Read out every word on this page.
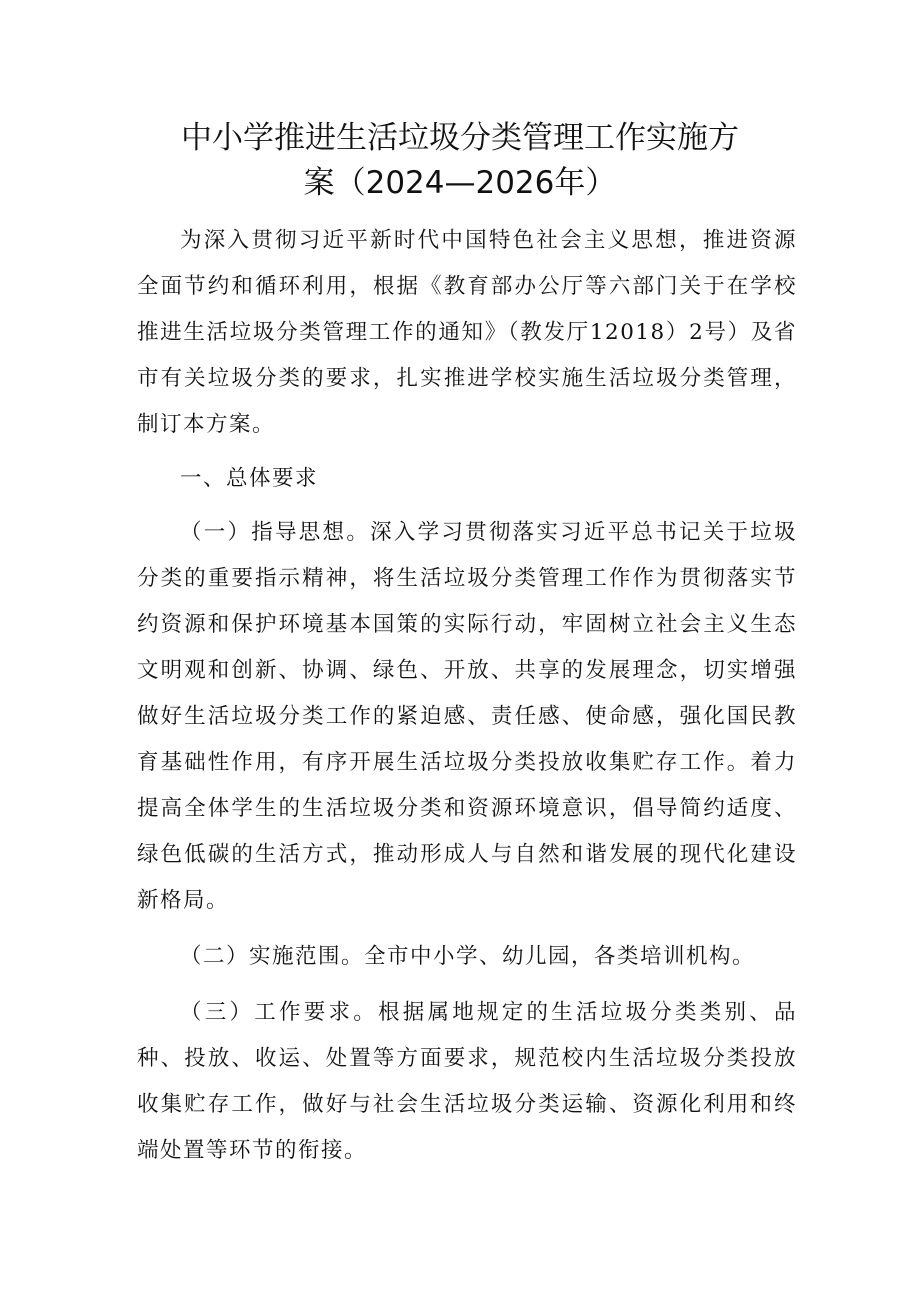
中小学推进生活垃圾分类管理工作实施方
案（2024—2026年）

为深入贯彻习近平新时代中国特色社会主义思想，推进资源全面节约和循环利用，根据《教育部办公厅等六部门关于在学校推进生活垃圾分类管理工作的通知》（教发厅12018）2号）及省市有关垃圾分类的要求，扎实推进学校实施生活垃圾分类管理，制订本方案。

一、总体要求

（一）指导思想。深入学习贯彻落实习近平总书记关于垃圾分类的重要指示精神，将生活垃圾分类管理工作作为贯彻落实节约资源和保护环境基本国策的实际行动，牢固树立社会主义生态文明观和创新、协调、绿色、开放、共享的发展理念，切实增强做好生活垃圾分类工作的紧迫感、责任感、使命感，强化国民教育基础性作用，有序开展生活垃圾分类投放收集贮存工作。着力提高全体学生的生活垃圾分类和资源环境意识，倡导简约适度、绿色低碳的生活方式，推动形成人与自然和谐发展的现代化建设新格局。

（二）实施范围。全市中小学、幼儿园，各类培训机构。

（三）工作要求。根据属地规定的生活垃圾分类类别、品种、投放、收运、处置等方面要求，规范校内生活垃圾分类投放收集贮存工作，做好与社会生活垃圾分类运输、资源化利用和终端处置等环节的衔接。
